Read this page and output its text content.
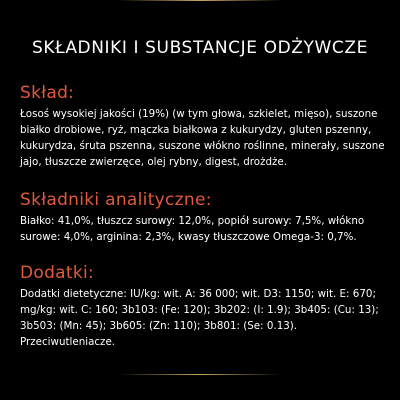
SKŁADNIKI I SUBSTANCJE ODŻYWCZE
Skład:

Łosoś wysokiej jakości (19%) (w tym głowa, szkielet, mięso), suszone białko drobiowe, ryż, mączka białkowa z kukurydzy, gluten pszenny, kukurydza, śruta pszenna, suszone włókno roślinne, minerały, suszone jajo, tłuszcze zwierzęce, olej rybny, digest, drożdże.

Składniki analityczne:

Białko: 41,0%, tłuszcz surowy: 12,0%, popiół surowy: 7,5%, włókno surowe: 4,0%, arginina: 2,3%, kwasy tłuszczowe Omega-3: 0,7%.

Dodatki:

Dodatki dietetyczne: IU/kg: wit. A: 36 000; wit. D3: 1150; wit. E: 670; mg/kg: wit. C: 160; 3b103: (Fe: 120); 3b202: (I: 1.9); 3b405: (Cu: 13); 3b503: (Mn: 45); 3b605: (Zn: 110); 3b801: (Se: 0.13). Przeciwutleniacze.
